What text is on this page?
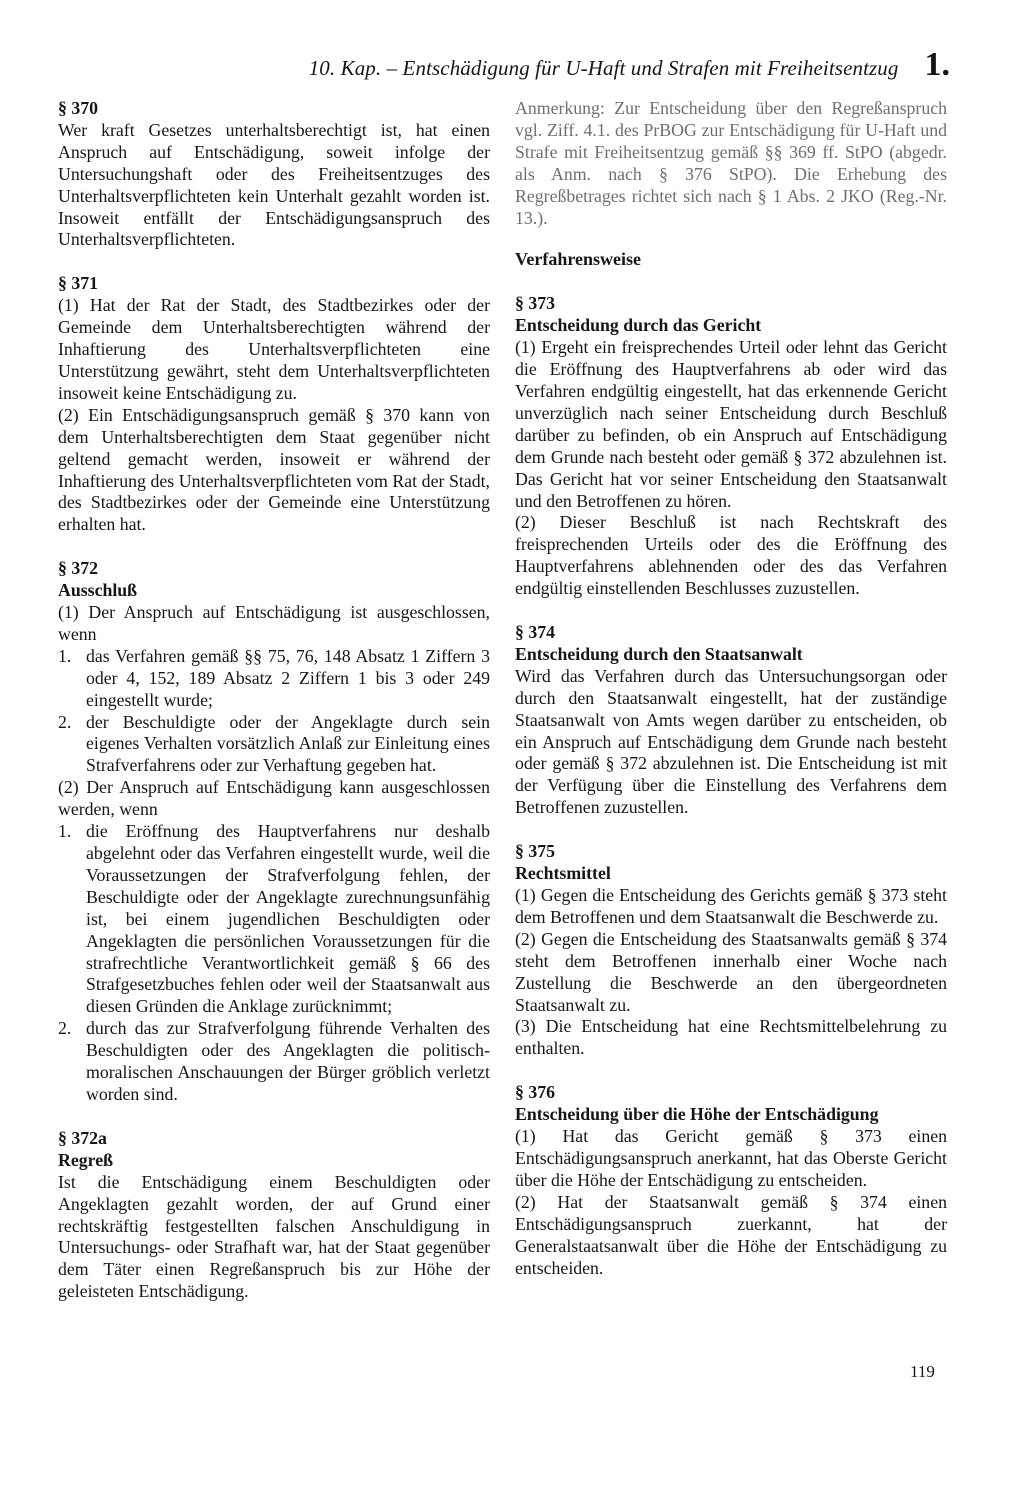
10. Kap. – Entschädigung für U-Haft und Strafen mit Freiheitsentzug 1.
§ 370

Wer kraft Gesetzes unterhaltsberechtigt ist, hat einen Anspruch auf Entschädigung, soweit infolge der Untersuchungshaft oder des Freiheitsentzuges des Unterhaltsverpflichteten kein Unterhalt gezahlt worden ist. Insoweit entfällt der Entschädigungsanspruch des Unterhaltsverpflichteten.

§ 371

(1) Hat der Rat der Stadt, des Stadtbezirkes oder der Gemeinde dem Unterhaltsberechtigten während der Inhaftierung des Unterhaltsverpflichteten eine Unterstützung gewährt, steht dem Unterhaltsverpflichteten insoweit keine Entschädigung zu.

(2) Ein Entschädigungsanspruch gemäß § 370 kann von dem Unterhaltsberechtigten dem Staat gegenüber nicht geltend gemacht werden, insoweit er während der Inhaftierung des Unterhaltsverpflichteten vom Rat der Stadt, des Stadtbezirkes oder der Gemeinde eine Unterstützung erhalten hat.

§ 372
Ausschluß

(1) Der Anspruch auf Entschädigung ist ausgeschlossen, wenn

1. das Verfahren gemäß §§ 75, 76, 148 Absatz 1 Ziffern 3 oder 4, 152, 189 Absatz 2 Ziffern 1 bis 3 oder 249 eingestellt wurde;
2. der Beschuldigte oder der Angeklagte durch sein eigenes Verhalten vorsätzlich Anlaß zur Einleitung eines Strafverfahrens oder zur Verhaftung gegeben hat.

(2) Der Anspruch auf Entschädigung kann ausgeschlossen werden, wenn

1. die Eröffnung des Hauptverfahrens nur deshalb abgelehnt oder das Verfahren eingestellt wurde, weil die Voraussetzungen der Strafverfolgung fehlen, der Beschuldigte oder der Angeklagte zurechnungsunfähig ist, bei einem jugendlichen Beschuldigten oder Angeklagten die persönlichen Voraussetzungen für die strafrechtliche Verantwortlichkeit gemäß § 66 des Strafgesetzbuches fehlen oder weil der Staatsanwalt aus diesen Gründen die Anklage zurücknimmt;
2. durch das zur Strafverfolgung führende Verhalten des Beschuldigten oder des Angeklagten die politisch-moralischen Anschauungen der Bürger gröblich verletzt worden sind.
§ 372a
Regreß

Ist die Entschädigung einem Beschuldigten oder Angeklagten gezahlt worden, der auf Grund einer rechtskräftig festgestellten falschen Anschuldigung in Untersuchungs- oder Strafhaft war, hat der Staat gegenüber dem Täter einen Regreßanspruch bis zur Höhe der geleisteten Entschädigung.

Anmerkung: Zur Entscheidung über den Regreßanspruch vgl. Ziff. 4.1. des PrBOG zur Entschädigung für U-Haft und Strafe mit Freiheitsentzug gemäß §§ 369 ff. StPO (abgedr. als Anm. nach § 376 StPO). Die Erhebung des Regreßbetrages richtet sich nach § 1 Abs. 2 JKO (Reg.-Nr. 13.).

Verfahrensweise
§ 373
Entscheidung durch das Gericht

(1) Ergeht ein freisprechendes Urteil oder lehnt das Gericht die Eröffnung des Hauptverfahrens ab oder wird das Verfahren endgültig eingestellt, hat das erkennende Gericht unverzüglich nach seiner Entscheidung durch Beschluß darüber zu befinden, ob ein Anspruch auf Entschädigung dem Grunde nach besteht oder gemäß § 372 abzulehnen ist. Das Gericht hat vor seiner Entscheidung den Staatsanwalt und den Betroffenen zu hören.

(2) Dieser Beschluß ist nach Rechtskraft des freisprechenden Urteils oder des die Eröffnung des Hauptverfahrens ablehnenden oder des das Verfahren endgültig einstellenden Beschlusses zuzustellen.

§ 374
Entscheidung durch den Staatsanwalt

Wird das Verfahren durch das Untersuchungsorgan oder durch den Staatsanwalt eingestellt, hat der zuständige Staatsanwalt von Amts wegen darüber zu entscheiden, ob ein Anspruch auf Entschädigung dem Grunde nach besteht oder gemäß § 372 abzulehnen ist. Die Entscheidung ist mit der Verfügung über die Einstellung des Verfahrens dem Betroffenen zuzustellen.

§ 375
Rechtsmittel

(1) Gegen die Entscheidung des Gerichts gemäß § 373 steht dem Betroffenen und dem Staatsanwalt die Beschwerde zu.

(2) Gegen die Entscheidung des Staatsanwalts gemäß § 374 steht dem Betroffenen innerhalb einer Woche nach Zustellung die Beschwerde an den übergeordneten Staatsanwalt zu.

(3) Die Entscheidung hat eine Rechtsmittelbelehrung zu enthalten.

§ 376
Entscheidung über die Höhe der Entschädigung

(1) Hat das Gericht gemäß § 373 einen Entschädigungsanspruch anerkannt, hat das Oberste Gericht über die Höhe der Entschädigung zu entscheiden.

(2) Hat der Staatsanwalt gemäß § 374 einen Entschädigungsanspruch zuerkannt, hat der Generalstaatsanwalt über die Höhe der Entschädigung zu entscheiden.

119
